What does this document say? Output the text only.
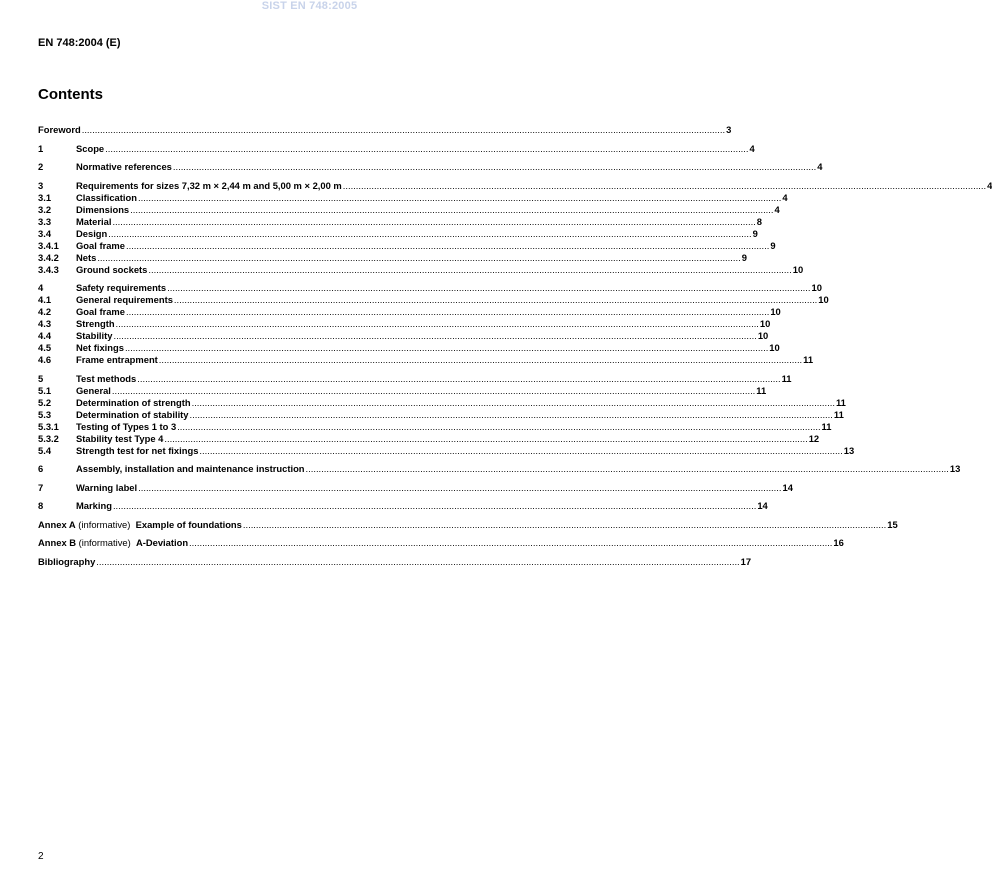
SIST EN 748:2005
EN 748:2004 (E)
Contents
Foreword ....................................................................................................................................................................................................................................................... 3
1	Scope ....................................................................................................................................................................................................................................................... 4
2	Normative references ....................................................................................................................................................................................................................................................... 4
3	Requirements for sizes 7,32 m × 2,44 m and 5,00 m × 2,00 m ....................................................................................................................................................................................................................................................... 4
3.1	Classification ....................................................................................................................................................................................................................................................... 4
3.2	Dimensions ....................................................................................................................................................................................................................................................... 4
3.3	Material ....................................................................................................................................................................................................................................................... 8
3.4	Design ....................................................................................................................................................................................................................................................... 9
3.4.1	Goal frame ....................................................................................................................................................................................................................................................... 9
3.4.2	Nets ....................................................................................................................................................................................................................................................... 9
3.4.3	Ground sockets ....................................................................................................................................................................................................................................................... 10
4	Safety requirements ....................................................................................................................................................................................................................................................... 10
4.1	General requirements ....................................................................................................................................................................................................................................................... 10
4.2	Goal frame ....................................................................................................................................................................................................................................................... 10
4.3	Strength ....................................................................................................................................................................................................................................................... 10
4.4	Stability ....................................................................................................................................................................................................................................................... 10
4.5	Net fixings ....................................................................................................................................................................................................................................................... 10
4.6	Frame entrapment ....................................................................................................................................................................................................................................................... 11
5	Test methods ....................................................................................................................................................................................................................................................... 11
5.1	General ....................................................................................................................................................................................................................................................... 11
5.2	Determination of strength ....................................................................................................................................................................................................................................................... 11
5.3	Determination of stability ....................................................................................................................................................................................................................................................... 11
5.3.1	Testing of Types 1 to 3 ....................................................................................................................................................................................................................................................... 11
5.3.2	Stability test Type 4 ....................................................................................................................................................................................................................................................... 12
5.4	Strength test for net fixings ....................................................................................................................................................................................................................................................... 13
6	Assembly, installation and maintenance instruction ....................................................................................................................................................................................................................................................... 13
7	Warning label ....................................................................................................................................................................................................................................................... 14
8	Marking ....................................................................................................................................................................................................................................................... 14
Annex A (informative)  Example of foundations ....................................................................................................................................................................................................................................................... 15
Annex B (informative)  A-Deviation ....................................................................................................................................................................................................................................................... 16
Bibliography ....................................................................................................................................................................................................................................................... 17
2
